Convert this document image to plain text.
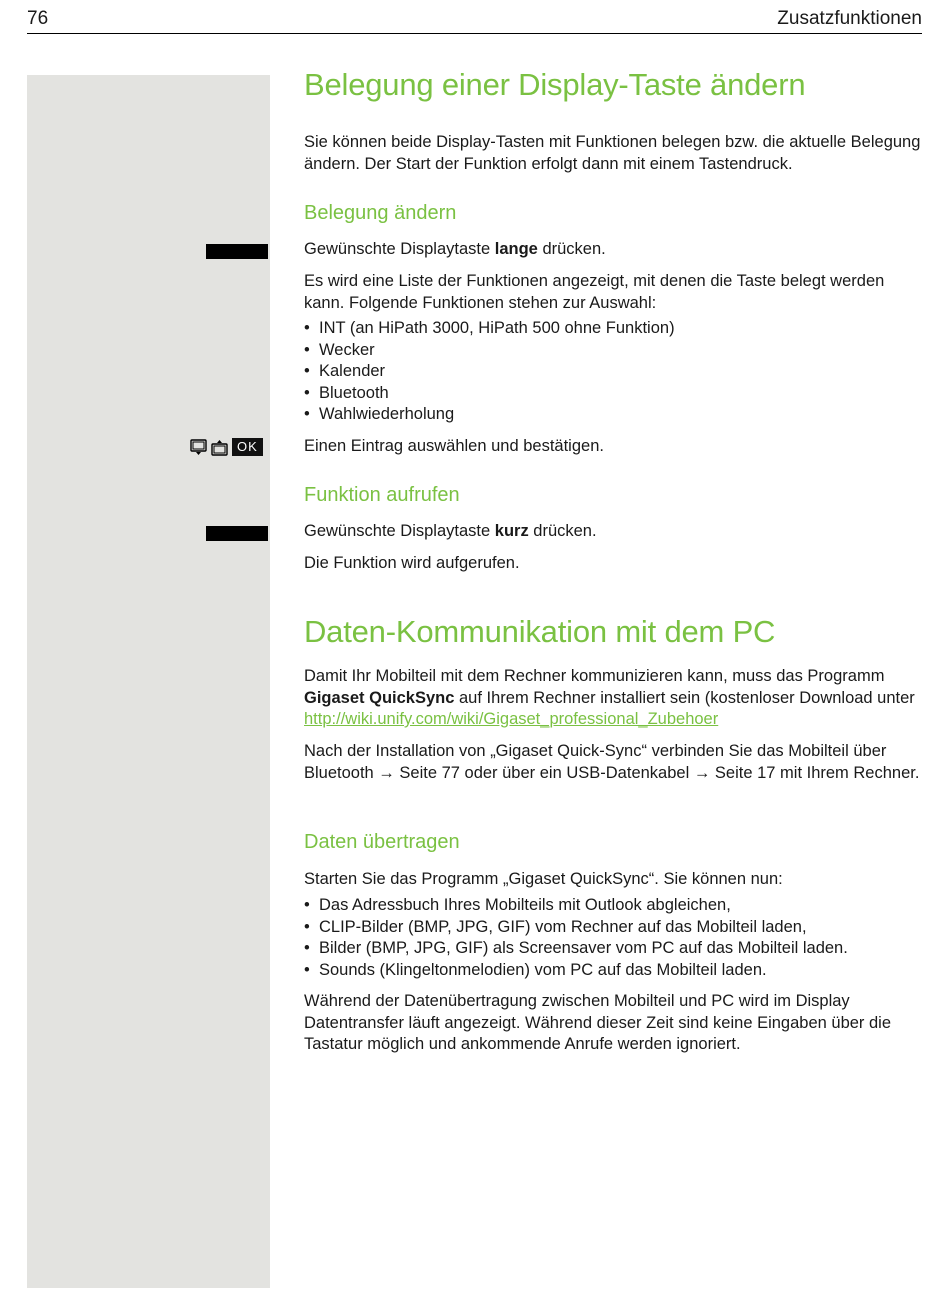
76	Zusatzfunktionen
OK
Belegung einer Display-Taste ändern

Sie können beide Display-Tasten mit Funktionen belegen bzw. die aktuelle Belegung ändern. Der Start der Funktion erfolgt dann mit einem Tastendruck.

Belegung ändern

Gewünschte Displaytaste lange drücken.

Es wird eine Liste der Funktionen angezeigt, mit denen die Taste belegt werden kann. Folgende Funktionen stehen zur Auswahl:

• INT (an HiPath 3000, HiPath 500 ohne Funktion)
• Wecker
• Kalender
• Bluetooth
• Wahlwiederholung

Einen Eintrag auswählen und bestätigen.

Funktion aufrufen

Gewünschte Displaytaste kurz drücken.

Die Funktion wird aufgerufen.

Daten-Kommunikation mit dem PC

Damit Ihr Mobilteil mit dem Rechner kommunizieren kann, muss das Programm Gigaset QuickSync auf Ihrem Rechner installiert sein (kostenloser Download unter http://wiki.unify.com/wiki/Gigaset_professional_Zubehoer

Nach der Installation von „Gigaset Quick-Sync“ verbinden Sie das Mobilteil über Bluetooth → Seite 77 oder über ein USB-Datenkabel → Seite 17 mit Ihrem Rechner.

Daten übertragen

Starten Sie das Programm „Gigaset QuickSync“. Sie können nun:

• Das Adressbuch Ihres Mobilteils mit Outlook abgleichen,
• CLIP-Bilder (BMP, JPG, GIF) vom Rechner auf das Mobilteil laden,
• Bilder (BMP, JPG, GIF) als Screensaver vom PC auf das Mobilteil laden.
• Sounds (Klingeltonmelodien) vom PC auf das Mobilteil laden.

Während der Datenübertragung zwischen Mobilteil und PC wird im Display Datentransfer läuft angezeigt. Während dieser Zeit sind keine Eingaben über die Tastatur möglich und ankommende Anrufe werden ignoriert.
